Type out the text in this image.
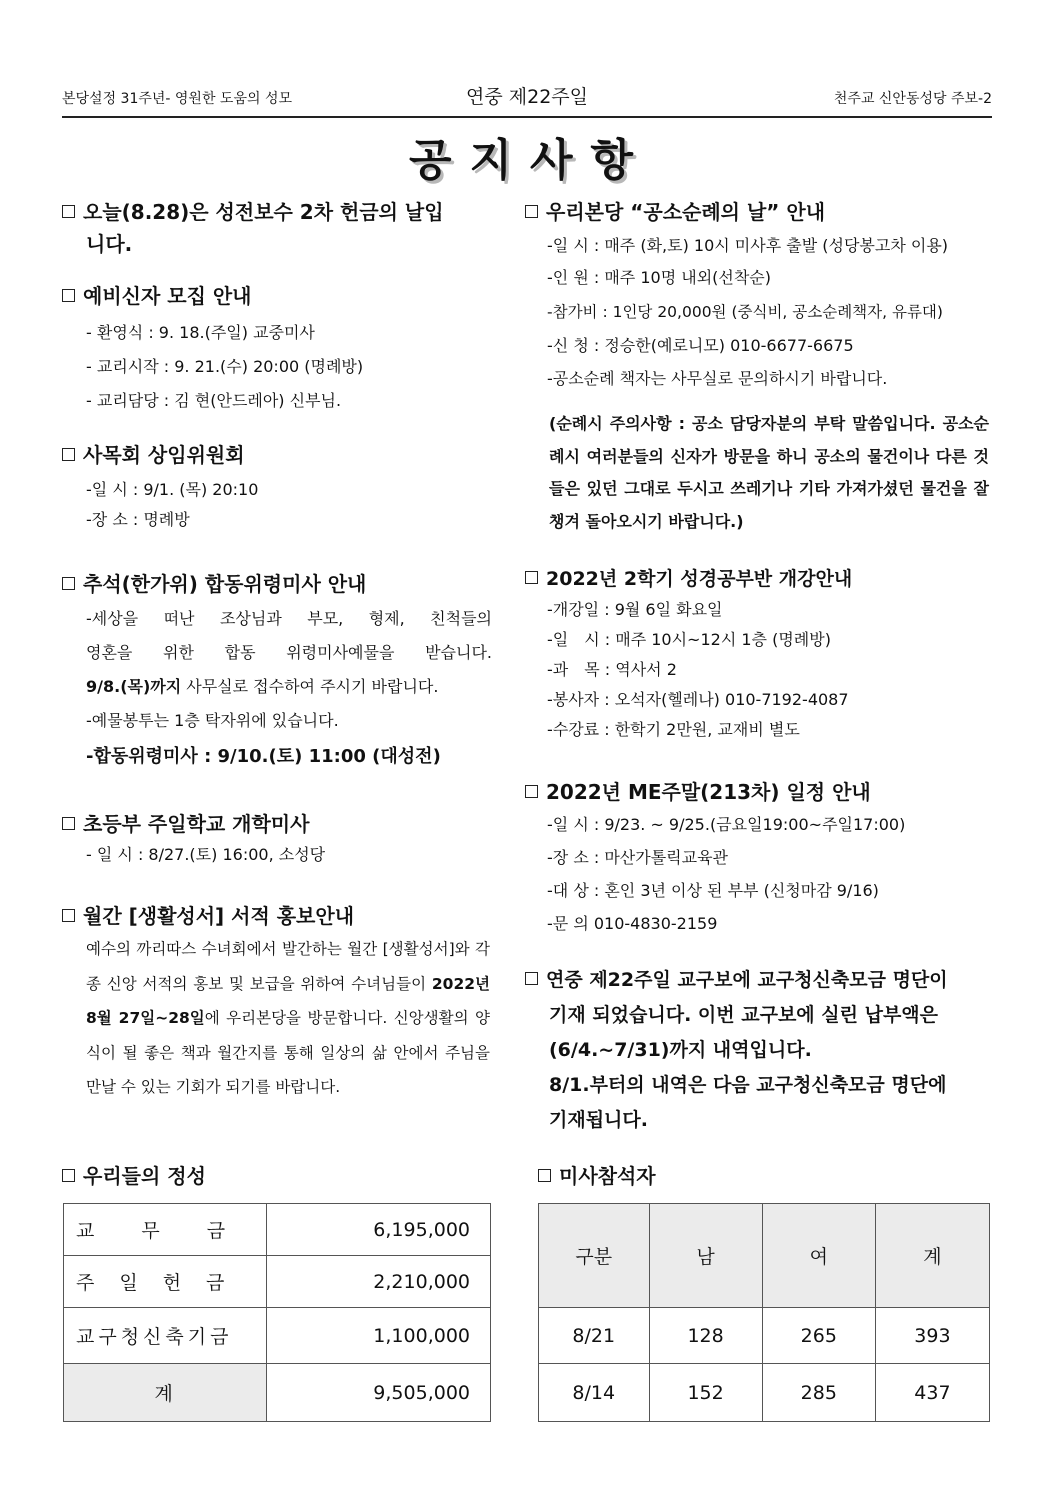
본당설정 31주년- 영원한 도움의 성모	연중 제22주일	천주교 신안동성당 주보-2
공지사항
오늘(8.28)은 성전보수 2차 헌금의 날입
니다.
예비신자 모집 안내
- 환영식 : 9. 18.(주일) 교중미사
- 교리시작 : 9. 21.(수) 20:00 (명례방)
- 교리담당 : 김 현(안드레아) 신부님.
사목회 상임위원회
-일 시 : 9/1. (목) 20:10
-장 소 : 명례방
추석(한가위) 합동위령미사 안내
-세상을 떠난 조상님과 부모, 형제, 친척들의
영혼을 위한 합동 위령미사예물을 받습니다.
9/8.(목)까지 사무실로 접수하여 주시기 바랍니다.
-예물봉투는 1층 탁자위에 있습니다.
-합동위령미사 : 9/10.(토) 11:00 (대성전)
초등부 주일학교 개학미사
- 일 시 : 8/27.(토) 16:00, 소성당
월간 [생활성서] 서적 홍보안내
예수의 까리따스 수녀회에서 발간하는 월간 [생활성서]와 각종 신앙 서적의 홍보 및 보급을 위하여 수녀님들이 2022년 8월 27일~28일에 우리본당을 방문합니다. 신앙생활의 양식이 될 좋은 책과 월간지를 통해 일상의 삶 안에서 주님을 만날 수 있는 기회가 되기를 바랍니다.
우리들의 정성
교　　무　　금	6,195,000
주　일　헌　금	2,210,000
교구청신축기금	1,100,000
계	9,505,000
우리본당 “공소순례의 날” 안내
-일 시 : 매주 (화,토) 10시 미사후 출발 (성당봉고차 이용)
-인 원 : 매주 10명 내외(선착순)
-참가비 : 1인당 20,000원 (중식비, 공소순례책자, 유류대)
-신 청 : 정승한(예로니모) 010-6677-6675
-공소순례 책자는 사무실로 문의하시기 바랍니다.
(순례시 주의사항 : 공소 담당자분의 부탁 말씀입니다. 공소순례시 여러분들의 신자가 방문을 하니 공소의 물건이나 다른 것들은 있던 그대로 두시고 쓰레기나 기타 가져가셨던 물건을 잘 챙겨 돌아오시기 바랍니다.)
2022년 2학기 성경공부반 개강안내
-개강일 : 9월 6일 화요일
-일　시 : 매주 10시~12시 1층 (명례방)
-과　목 : 역사서 2
-봉사자 : 오석자(헬레나) 010-7192-4087
-수강료 : 한학기 2만원, 교재비 별도
2022년 ME주말(213차) 일정 안내
-일 시 : 9/23. ~ 9/25.(금요일19:00~주일17:00)
-장 소 : 마산가톨릭교육관
-대 상 : 혼인 3년 이상 된 부부 (신청마감 9/16)
-문 의 010-4830-2159
연중 제22주일 교구보에 교구청신축모금 명단이
기재 되었습니다. 이번 교구보에 실린 납부액은
(6/4.~7/31)까지 내역입니다.
8/1.부터의 내역은 다음 교구청신축모금 명단에
기재됩니다.
미사참석자
구분	남	여	계
8/21	128	265	393
8/14	152	285	437
